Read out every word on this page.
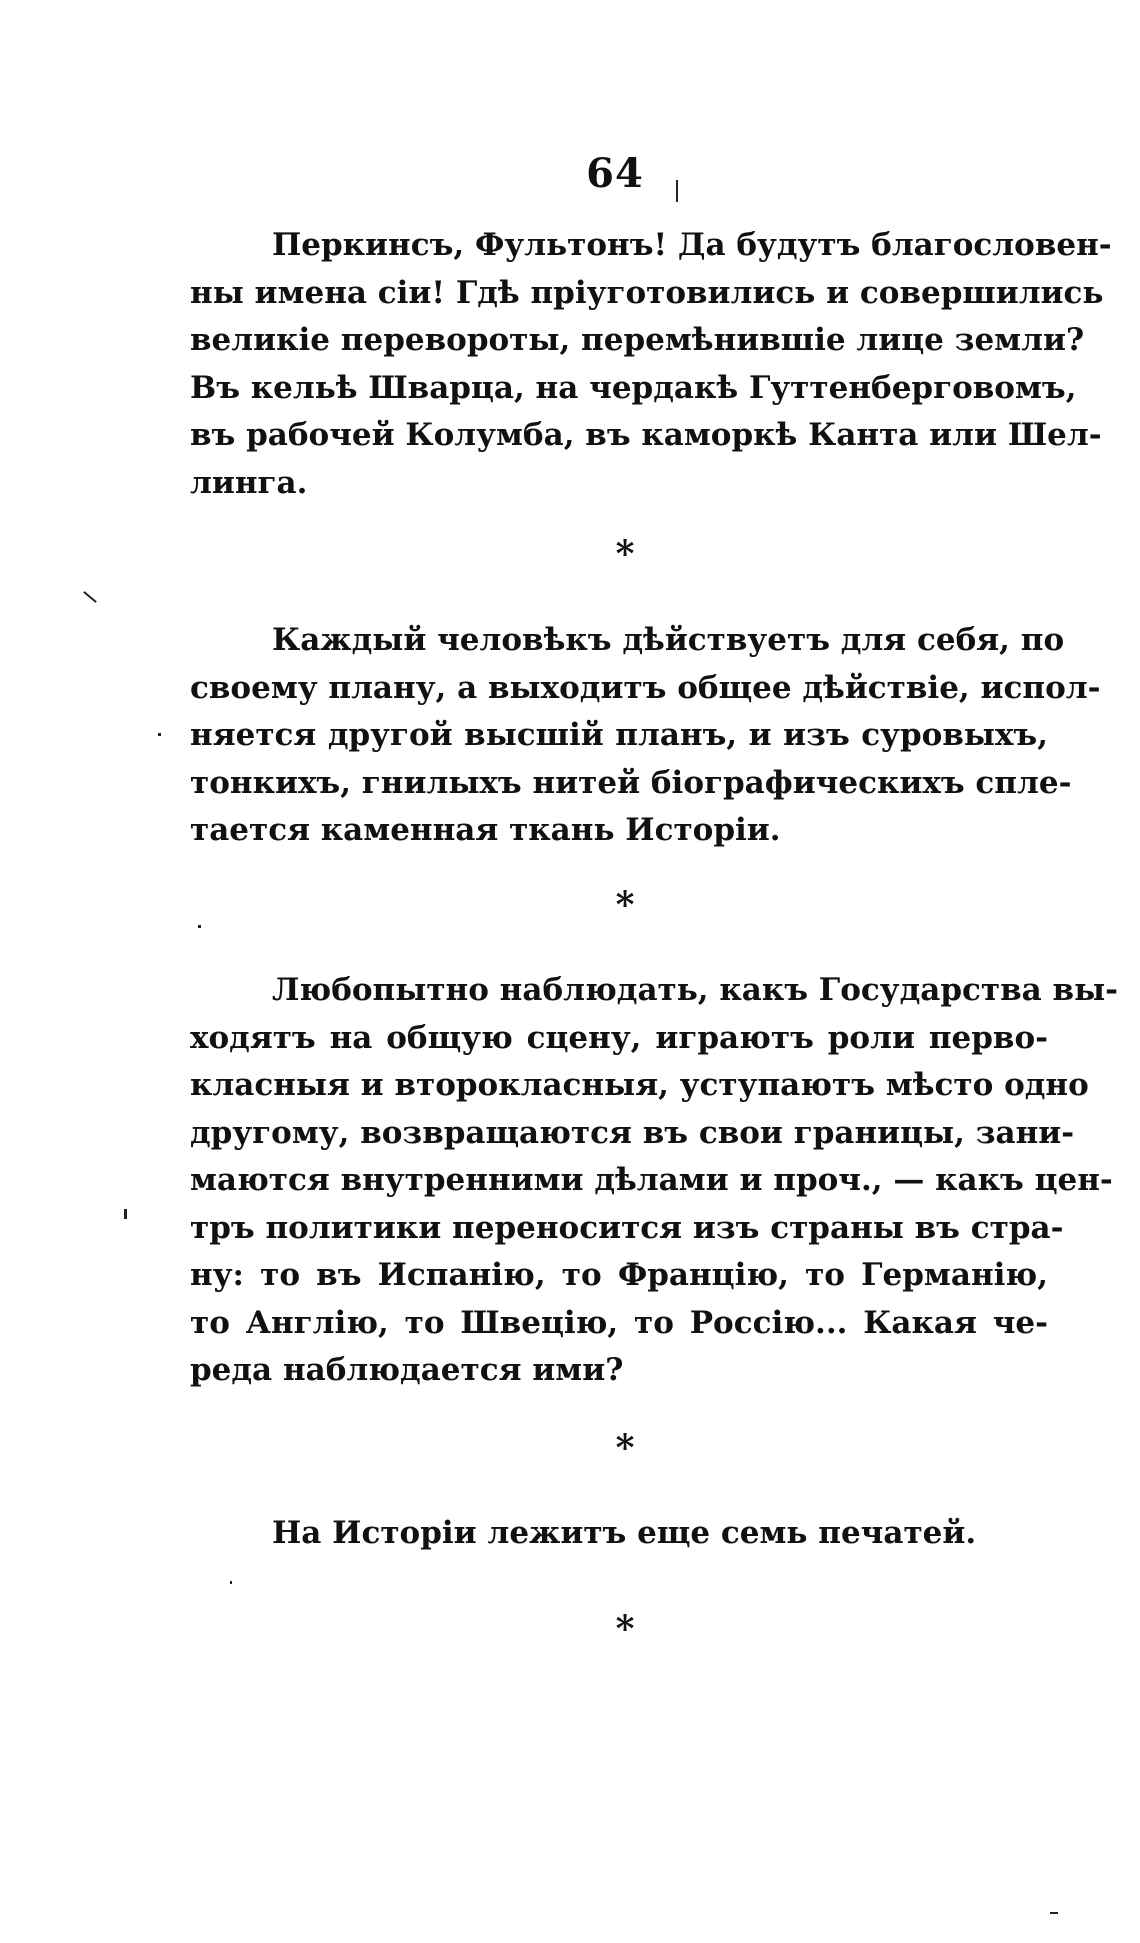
64
Перкинсъ, Фультонъ! Да будутъ благословен-
ны имена сіи! Гдѣ пріуготовились и совершились
великіе перевороты, перемѣнившіе лице земли?
Въ кельѣ Шварца, на чердакѣ Гуттенберговомъ,
въ рабочей Колумба, въ каморкѣ Канта или Шел-
линга.
*
Каждый человѣкъ дѣйствуетъ для себя, по
своему плану, а выходитъ общее дѣйствіе, испол-
няется другой высшій планъ, и изъ суровыхъ,
тонкихъ, гнилыхъ нитей біографическихъ спле-
тается каменная ткань Исторіи.
*
Любопытно наблюдать, какъ Государства вы-
ходятъ на общую сцену, играютъ роли перво-
класныя и второкласныя, уступаютъ мѣсто одно
другому, возвращаются въ свои границы, зани-
маются внутренними дѣлами и проч., — какъ цен-
тръ политики переносится изъ страны въ стра-
ну: то въ Испанію, то Францію, то Германію,
то Англію, то Швецію, то Россію... Какая че-
реда наблюдается ими?
*
На Исторіи лежитъ еще семь печатей.
*
